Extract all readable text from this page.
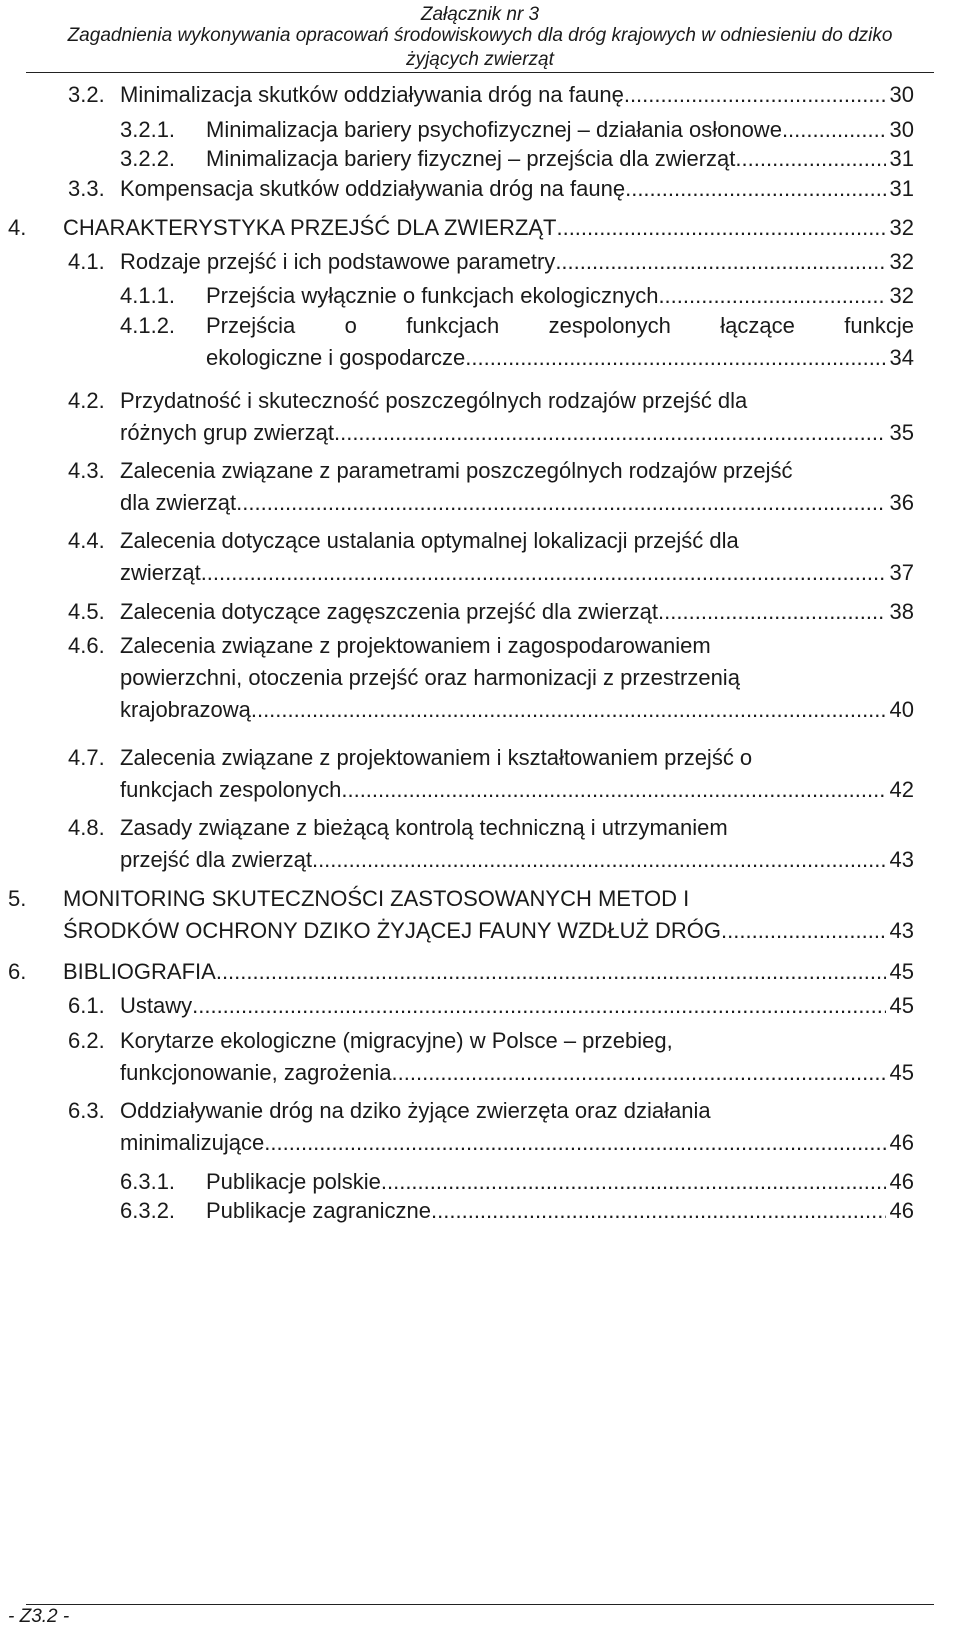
Załącznik nr 3
Zagadnienia wykonywania opracowań środowiskowych dla dróg krajowych w odniesieniu do dziko
żyjących zwierząt
3.2. Minimalizacja skutków oddziaływania dróg na faunę .....	30
3.2.1. Minimalizacja bariery psychofizycznej – działania osłonowe .....	30
3.2.2. Minimalizacja bariery fizycznej – przejścia dla zwierząt .....	31
3.3. Kompensacja skutków oddziaływania dróg na faunę .....	31
4. CHARAKTERYSTYKA PRZEJŚĆ DLA ZWIERZĄT .....	32
4.1. Rodzaje przejść i ich podstawowe parametry .....	32
4.1.1. Przejścia wyłącznie o funkcjach ekologicznych .....	32
4.1.2. Przejścia o funkcjach zespolonych łączące funkcje
ekologiczne i gospodarcze .....	34
4.2. Przydatność i skuteczność poszczególnych rodzajów przejść dla
różnych grup zwierząt .....	35
4.3. Zalecenia związane z parametrami poszczególnych rodzajów przejść
dla zwierząt .....	36
4.4. Zalecenia dotyczące ustalania optymalnej lokalizacji przejść dla
zwierząt .....	37
4.5. Zalecenia dotyczące zagęszczenia przejść dla zwierząt .....	38
4.6. Zalecenia związane z projektowaniem i zagospodarowaniem
powierzchni, otoczenia przejść oraz harmonizacji z przestrzenią
krajobrazową .....	40
4.7. Zalecenia związane z projektowaniem i kształtowaniem przejść o
funkcjach zespolonych .....	42
4.8. Zasady związane z bieżącą kontrolą techniczną i utrzymaniem
przejść dla zwierząt .....	43
5. MONITORING SKUTECZNOŚCI ZASTOSOWANYCH METOD I
ŚRODKÓW OCHRONY DZIKO ŻYJĄCEJ FAUNY WZDŁUŻ DRÓG .....	43
6. BIBLIOGRAFIA .....	45
6.1. Ustawy .....	45
6.2. Korytarze ekologiczne (migracyjne) w Polsce – przebieg,
funkcjonowanie, zagrożenia .....	45
6.3. Oddziaływanie dróg na dziko żyjące zwierzęta oraz działania
minimalizujące .....	46
6.3.1. Publikacje polskie .....	46
6.3.2. Publikacje zagraniczne .....	46
- Z3.2 -
